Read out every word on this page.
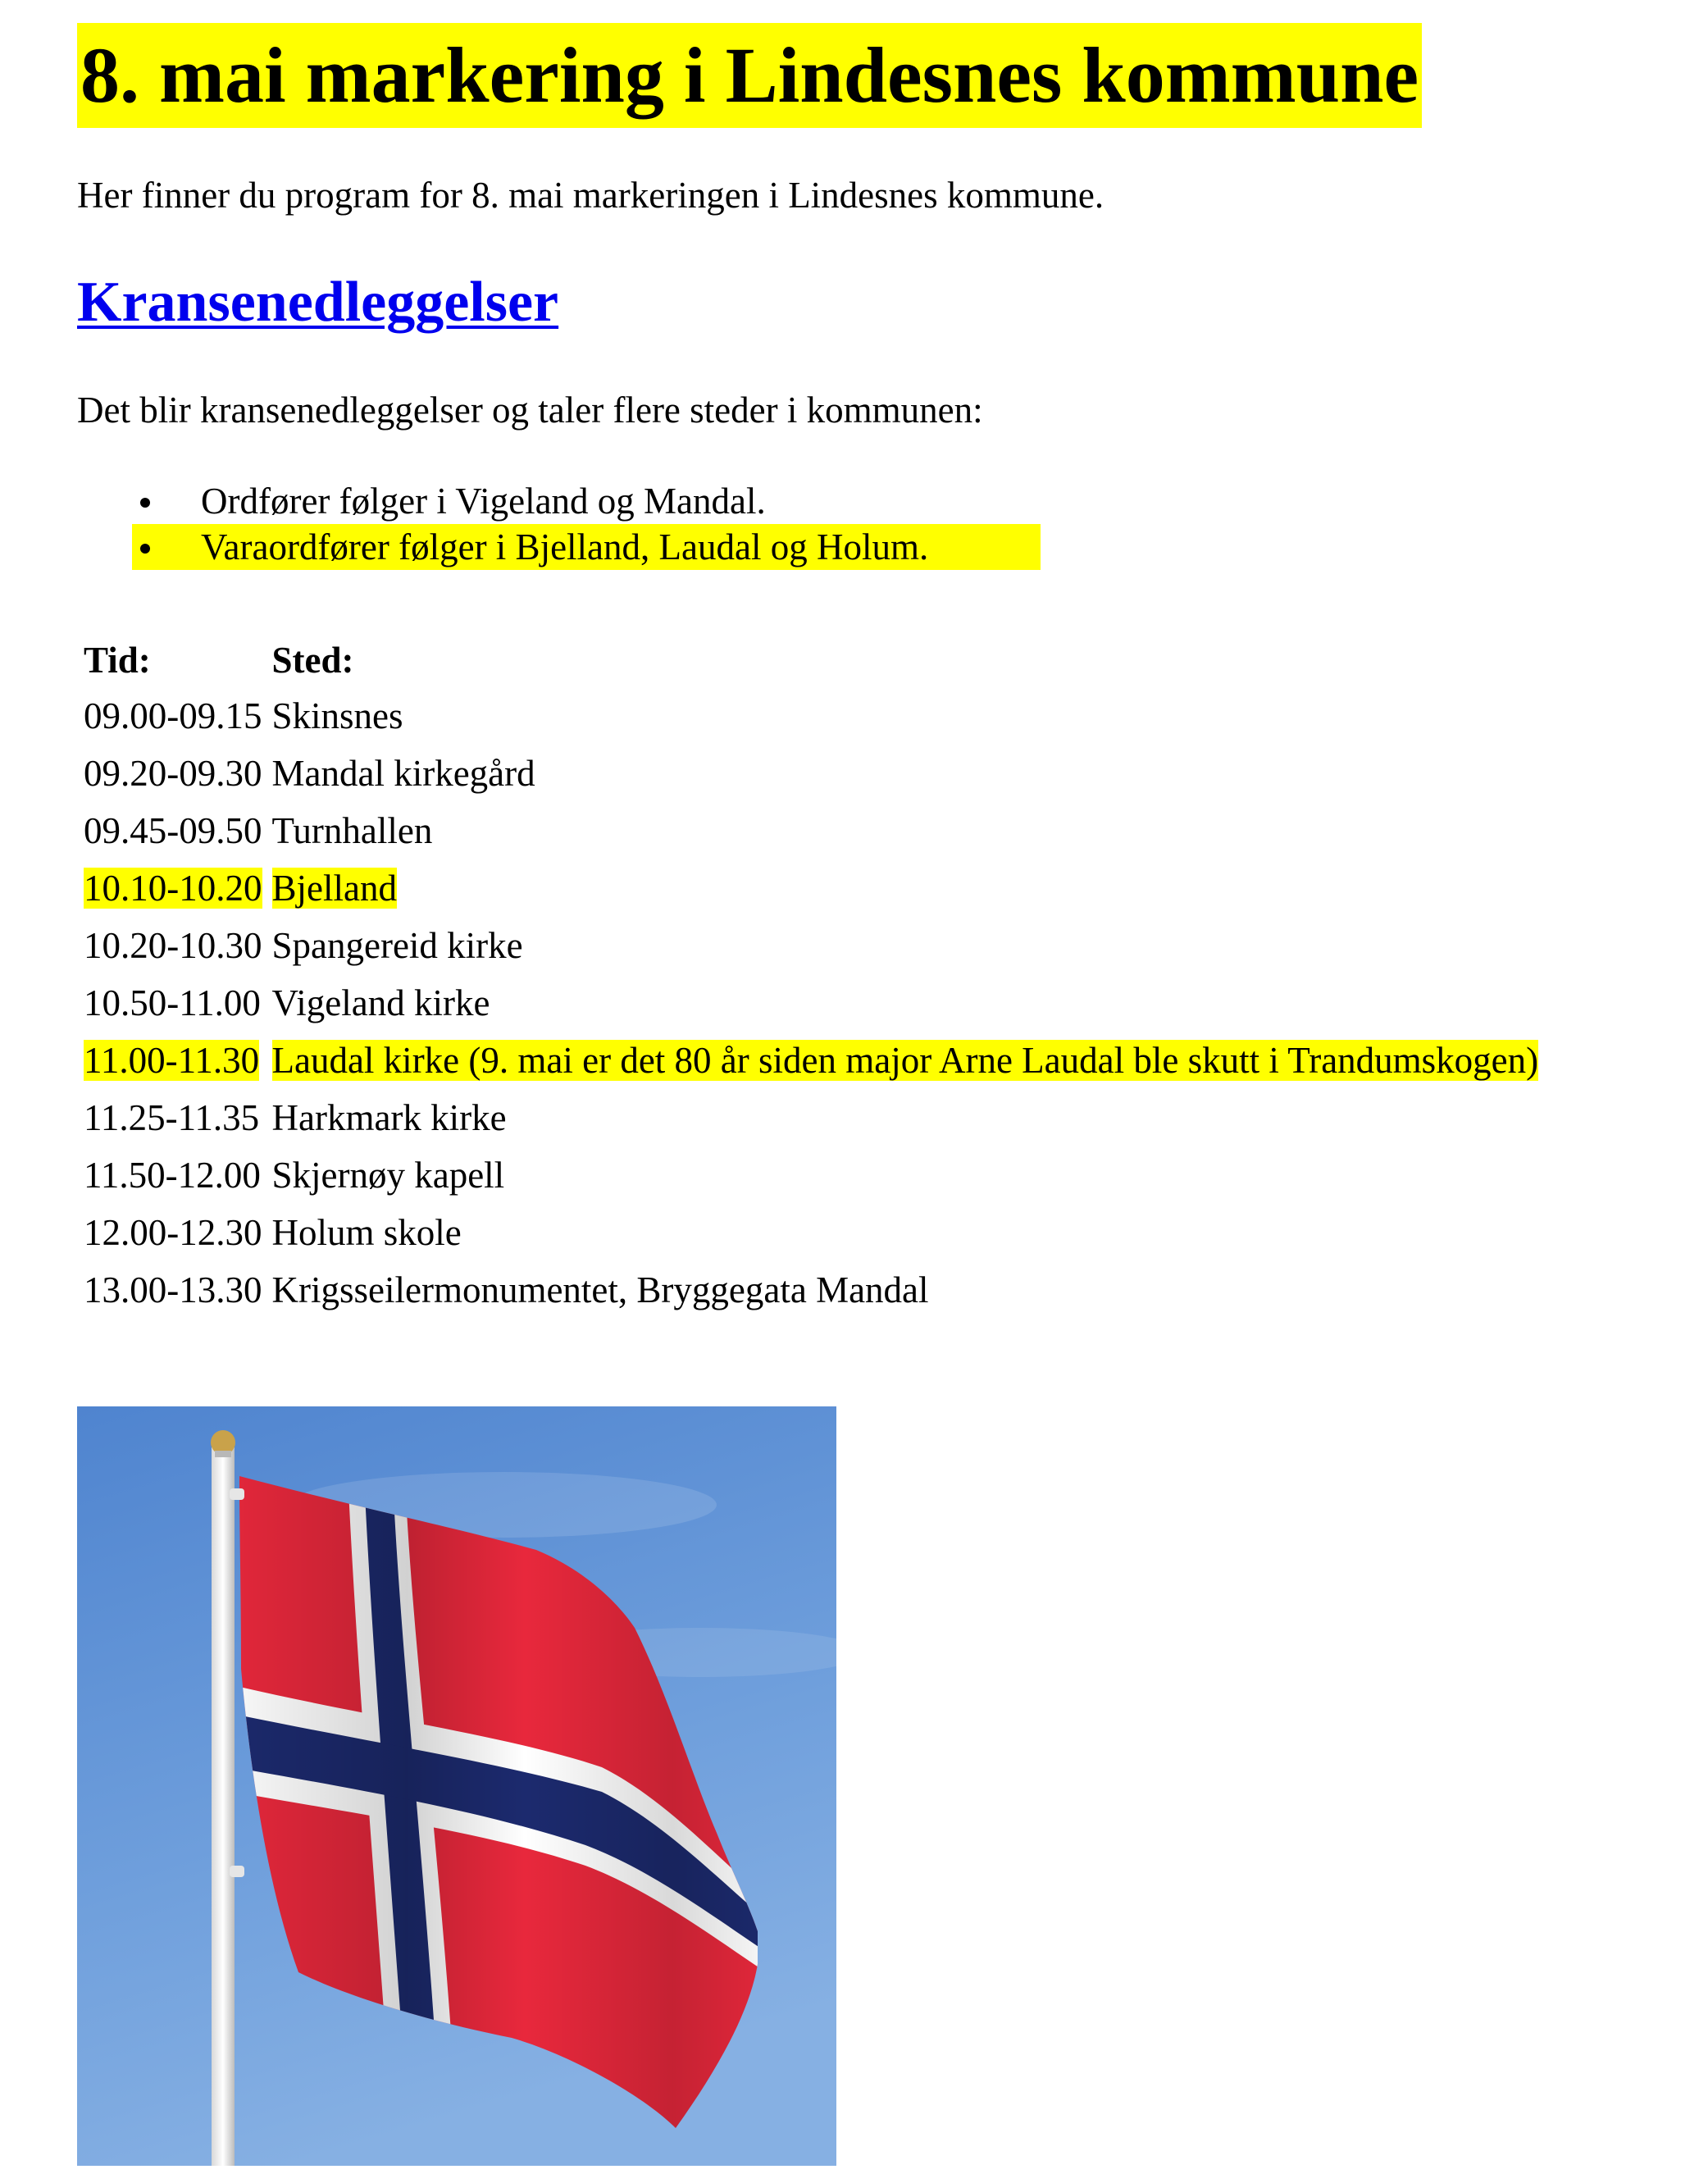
8. mai markering i Lindesnes kommune

Her finner du program for 8. mai markeringen i Lindesnes kommune.

Kransenedleggelser

Det blir kransenedleggelser og taler flere steder i kommunen:

Ordfører følger i Vigeland og Mandal.
Varaordfører følger i Bjelland, Laudal og Holum.
Tid:	Sted:
09.00-09.15	Skinsnes
09.20-09.30	Mandal kirkegård
09.45-09.50	Turnhallen
10.10-10.20	Bjelland
10.20-10.30	Spangereid kirke
10.50-11.00	Vigeland kirke
11.00-11.30	Laudal kirke (9. mai er det 80 år siden major Arne Laudal ble skutt i Trandumskogen)
11.25-11.35	Harkmark kirke
11.50-12.00	Skjernøy kapell
12.00-12.30	Holum skole
13.00-13.30	Krigsseilermonumentet, Bryggegata Mandal
